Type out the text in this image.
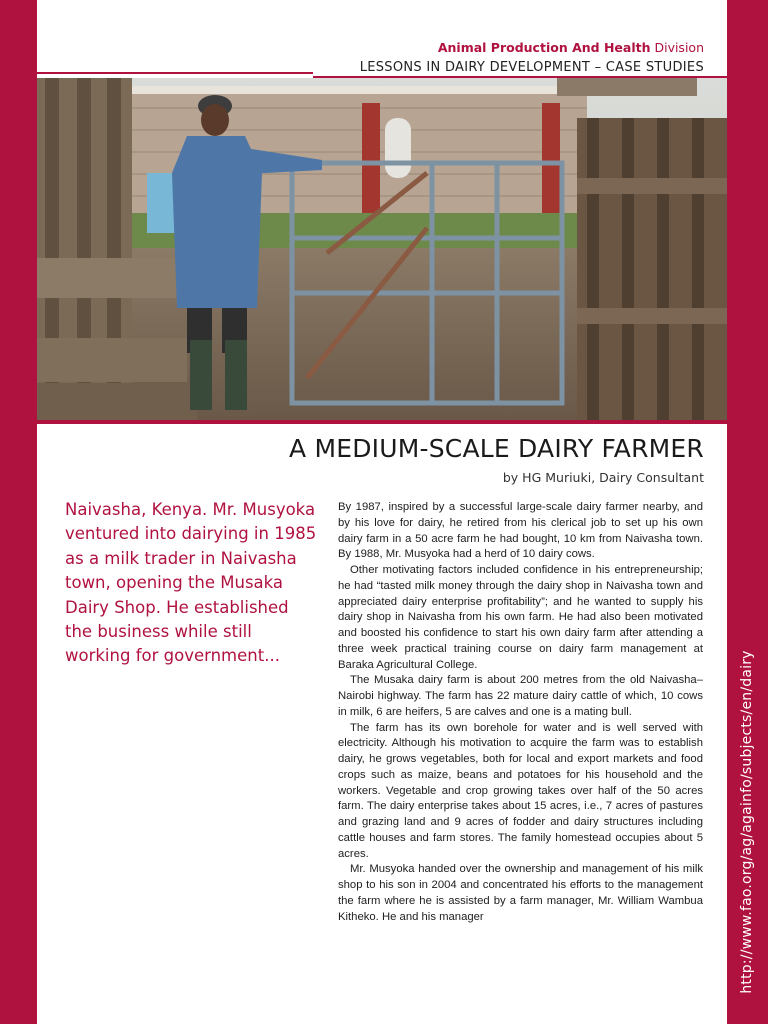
http://www.fao.org/ag/againfo/subjects/en/dairy
Animal Production And Health Division
LESSONS IN DAIRY DEVELOPMENT – CASE STUDIES
A MEDIUM-SCALE DAIRY FARMER
by HG Muriuki, Dairy Consultant

Naivasha, Kenya. Mr. Musyoka ventured into dairying in 1985 as a milk trader in Naivasha town, opening the Musaka Dairy Shop. He established the business while still working for government...

By 1987, inspired by a successful large-scale dairy farmer nearby, and by his love for dairy, he retired from his clerical job to set up his own dairy farm in a 50 acre farm he had bought, 10 km from Naivasha town. By 1988, Mr. Musyoka had a herd of 10 dairy cows.

Other motivating factors included confidence in his entrepreneurship; he had “tasted milk money through the dairy shop in Naivasha town and appreciated dairy enterprise profitability”; and he wanted to supply his dairy shop in Naivasha from his own farm. He had also been motivated and boosted his confidence to start his own dairy farm after attending a three week practical training course on dairy farm management at Baraka Agricultural College.

The Musaka dairy farm is about 200 metres from the old Naivasha–Nairobi highway. The farm has 22 mature dairy cattle of which, 10 cows in milk, 6 are heifers, 5 are calves and one is a mating bull.

The farm has its own borehole for water and is well served with electricity. Although his motivation to acquire the farm was to establish dairy, he grows vegetables, both for local and export markets and food crops such as maize, beans and potatoes for his household and the workers. Vegetable and crop growing takes over half of the 50 acres farm. The dairy enterprise takes about 15 acres, i.e., 7 acres of pastures and grazing land and 9 acres of fodder and dairy structures including cattle houses and farm stores. The family homestead occupies about 5 acres.

Mr. Musyoka handed over the ownership and management of his milk shop to his son in 2004 and concentrated his efforts to the management the farm where he is assisted by a farm manager, Mr. William Wambua Kitheko. He and his manager
